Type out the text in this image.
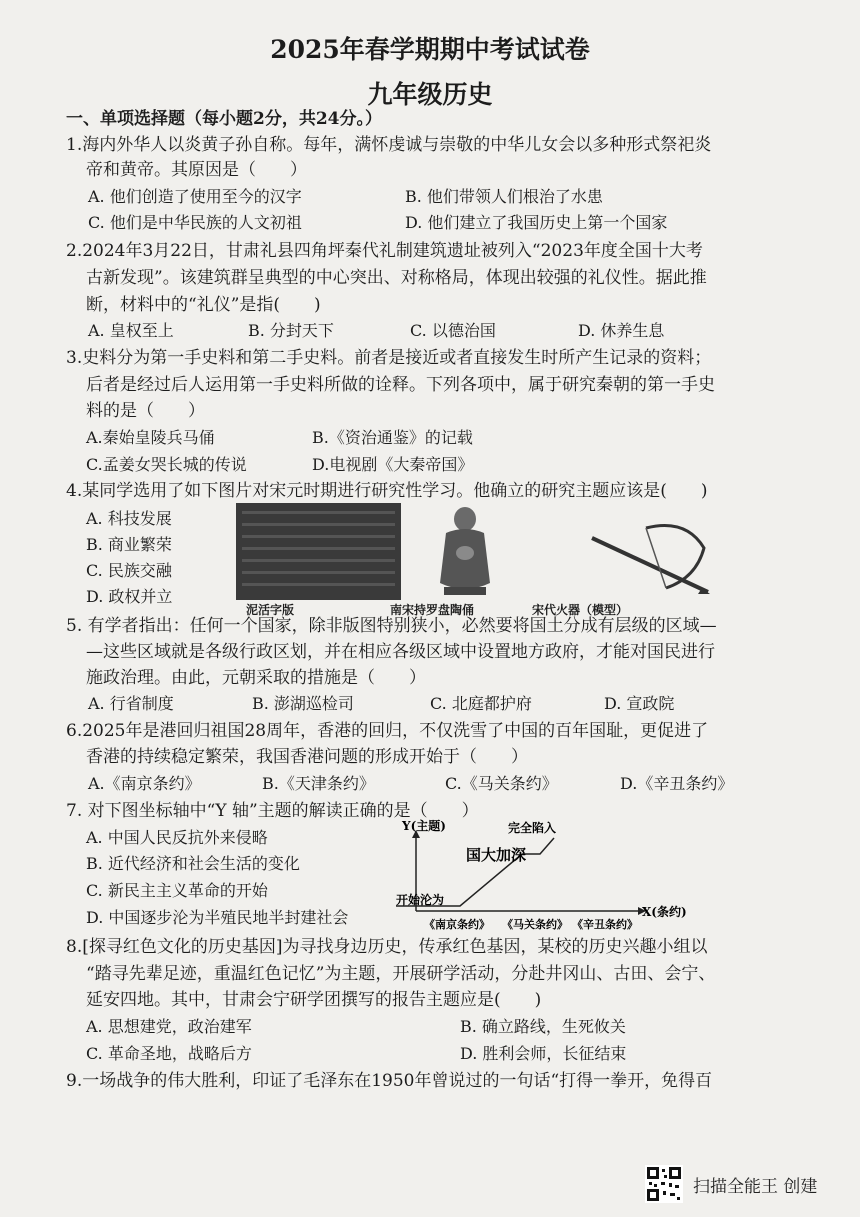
2025年春学期期中考试试卷
九年级历史
一、单项选择题（每小题2分，共24分。）
1.海内外华人以炎黄子孙自称。每年，满怀虔诚与崇敬的中华儿女会以多种形式祭祀炎
帝和黄帝。其原因是（　　）
A. 他们创造了使用至今的汉字	B. 他们带领人们根治了水患
C. 他们是中华民族的人文初祖	D. 他们建立了我国历史上第一个国家
2.2024年3月22日，甘肃礼县四角坪秦代礼制建筑遗址被列入“2023年度全国十大考
古新发现”。该建筑群呈典型的中心突出、对称格局，体现出较强的礼仪性。据此推
断，材料中的“礼仪”是指(　　)
A. 皇权至上	B. 分封天下	C. 以德治国	D. 休养生息
3.史料分为第一手史料和第二手史料。前者是接近或者直接发生时所产生记录的资料；
后者是经过后人运用第一手史料所做的诠释。下列各项中，属于研究秦朝的第一手史
料的是（　　）
A.秦始皇陵兵马俑	B.《资治通鉴》的记载
C.孟姜女哭长城的传说	D.电视剧《大秦帝国》
4.某同学选用了如下图片对宋元时期进行研究性学习。他确立的研究主题应该是(　　)
A. 科技发展
B. 商业繁荣
C. 民族交融
D. 政权并立
泥活字版	南宋持罗盘陶俑	宋代火器（模型）
5. 有学者指出：任何一个国家，除非版图特别狭小，必然要将国土分成有层级的区域—
—这些区域就是各级行政区划，并在相应各级区域中设置地方政府，才能对国民进行
施政治理。由此，元朝采取的措施是（　　）
A. 行省制度	B. 澎湖巡检司	C. 北庭都护府	D. 宣政院
6.2025年是港回归祖国28周年，香港的回归，不仅洗雪了中国的百年国耻，更促进了
香港的持续稳定繁荣，我国香港问题的形成开始于（　　）
A.《南京条约》	B.《天津条约》	C.《马关条约》	D.《辛丑条约》
7. 对下图坐标轴中“Y 轴”主题的解读正确的是（　　）
A. 中国人民反抗外来侵略
B. 近代经济和社会生活的变化
C. 新民主主义革命的开始
D. 中国逐步沦为半殖民地半封建社会
Y(主题)
X(条约)
开始沦为
国大加深
完全陷入
《南京条约》 《马关条约》 《辛丑条约》
8.[探寻红色文化的历史基因]为寻找身边历史，传承红色基因，某校的历史兴趣小组以
“踏寻先辈足迹，重温红色记忆”为主题，开展研学活动，分赴井冈山、古田、会宁、
延安四地。其中，甘肃会宁研学团撰写的报告主题应是(　　)
A. 思想建党，政治建军	B. 确立路线，生死攸关
C. 革命圣地，战略后方	D. 胜利会师，长征结束
9.一场战争的伟大胜利，印证了毛泽东在1950年曾说过的一句话“打得一拳开，免得百
扫描全能王 创建
